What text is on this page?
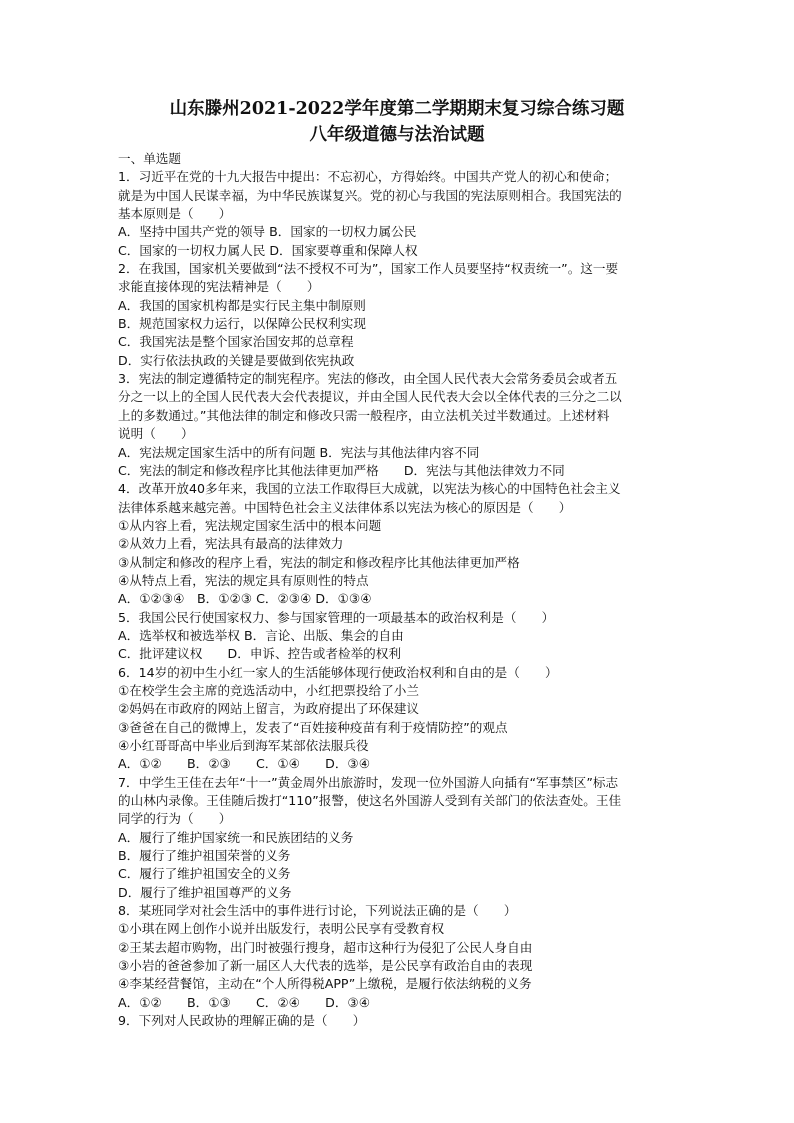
山东滕州2021-2022学年度第二学期期末复习综合练习题
八年级道德与法治试题

一、单选题

1．习近平在党的十九大报告中提出：不忘初心，方得始终。中国共产党人的初心和使命；

就是为中国人民谋幸福，为中华民族谋复兴。党的初心与我国的宪法原则相合。我国宪法的

基本原则是（　　）

A．坚持中国共产党的领导 B．国家的一切权力属公民

C．国家的一切权力属人民 D．国家要尊重和保障人权

2．在我国，国家机关要做到“法不授权不可为”，国家工作人员要坚持“权责统一”。这一要

求能直接体现的宪法精神是（　　）

A．我国的国家机构都是实行民主集中制原则

B．规范国家权力运行，以保障公民权利实现

C．我国宪法是整个国家治国安邦的总章程

D．实行依法执政的关键是要做到依宪执政

3．宪法的制定遵循特定的制宪程序。宪法的修改，由全国人民代表大会常务委员会或者五

分之一以上的全国人民代表大会代表提议，并由全国人民代表大会以全体代表的三分之二以

上的多数通过。”其他法律的制定和修改只需一般程序，由立法机关过半数通过。上述材料

说明（　　）

A．宪法规定国家生活中的所有问题 B．宪法与其他法律内容不同

C．宪法的制定和修改程序比其他法律更加严格　　D．宪法与其他法律效力不同

4．改革开放40多年来，我国的立法工作取得巨大成就，以宪法为核心的中国特色社会主义

法律体系越来越完善。中国特色社会主义法律体系以宪法为核心的原因是（　　）

①从内容上看，宪法规定国家生活中的根本问题

②从效力上看，宪法具有最高的法律效力

③从制定和修改的程序上看，宪法的制定和修改程序比其他法律更加严格

④从特点上看，宪法的规定具有原则性的特点

A．①②③④　B．①②③ C．②③④ D．①③④

5．我国公民行使国家权力、参与国家管理的一项最基本的政治权利是（　　）

A．选举权和被选举权 B．言论、出版、集会的自由

C．批评建议权　　D．申诉、控告或者检举的权利

6．14岁的初中生小红一家人的生活能够体现行使政治权利和自由的是（　　）

①在校学生会主席的竞选活动中，小红把票投给了小兰

②妈妈在市政府的网站上留言，为政府提出了环保建议

③爸爸在自己的微博上，发表了“百姓接种疫苗有利于疫情防控”的观点

④小红哥哥高中毕业后到海军某部依法服兵役

A．①②　　B．②③　　C．①④　　D．③④

7．中学生王佳在去年“十一”黄金周外出旅游时，发现一位外国游人向插有“军事禁区”标志

的山林内录像。王佳随后拨打“110”报警，使这名外国游人受到有关部门的依法查处。王佳

同学的行为（　　）

A．履行了维护国家统一和民族团结的义务

B．履行了维护祖国荣誉的义务

C．履行了维护祖国安全的义务

D．履行了维护祖国尊严的义务

8．某班同学对社会生活中的事件进行讨论，下列说法正确的是（　　）

①小琪在网上创作小说并出版发行，表明公民享有受教育权

②王某去超市购物，出门时被强行搜身，超市这种行为侵犯了公民人身自由

③小岩的爸爸参加了新一届区人大代表的选举，是公民享有政治自由的表现

④李某经营餐馆，主动在“个人所得税APP”上缴税，是履行依法纳税的义务

A．①②　　B．①③　　C．②④　　D．③④

9．下列对人民政协的理解正确的是（　　）
